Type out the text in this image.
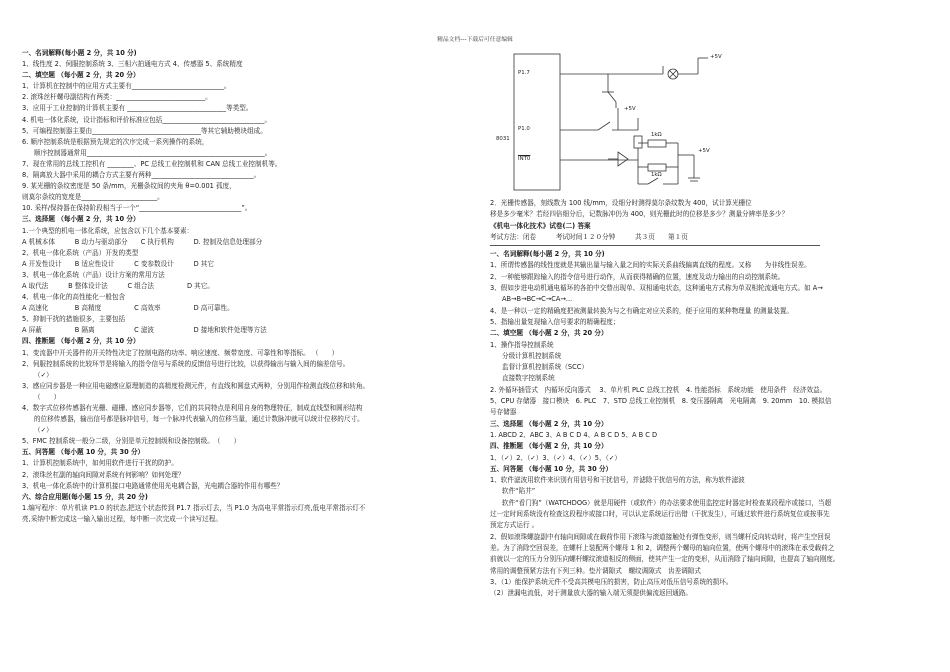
精品文档---下载后可任意编辑
一、名词解释(每小题 2 分，共 10 分)
1、线性度 2、伺服控制系统 3、三相六拍通电方式 4、传感器 5、系统精度
二、填空题 （每小题 2 分，共 20 分）
1、计算机在控制中的应用方式主要有____________________________。
2. 滚珠丝杆螺母副结构有两类：___________________________。
3、应用于工业控制的计算机主要有 ______________________________等类型。
4. 机电一体化系统，设计指标和评价标准应包括_______________________________。
5、可编程控制器主要由_________________________________等其它辅助模块组成。
6. 顺序控制系统是根据预先规定的次序完成一系列操作的系统，
顺序控制器通常用______________________________________________________。
7、现在常用的总线工控机有 ________、PC 总线工业控制机和 CAN 总线工业控制机等。
8、隔离放大器中采用的耦合方式主要有两种_______________________________。
9. 某光栅的条纹密度是 50 条/mm，光栅条纹间的夹角 θ=0.001 孤度，
则莫尔条纹的宽度是_______________________。
10. 采样/保持器在保持阶段相当于一个“_______________________________”。
三、选择题 （每小题 2 分，共 10 分）
1.一个典型的机电一体化系统，应包含以下几个基本要素：
A 机械本体　　　B 动力与驱动部分　　C 执行机构　　　D. 控制及信息处理部分
2、机电一体化系统（产品）开发的类型
A 开发性设计　　B 适应性设计　　　C 变参数设计　　　D 其它
3、机电一体化系统（产品）设计方案的常用方法
A 取代法　　　B 整体设计法　　　C 组合法　　　　　D 其它。
4、机电一体化的高性能化一般包含
A 高速化　　　　B 高精度　　　　　C 高效率　　　　　D 高可靠性。
5、抑制干扰的措施很多，主要包括
A 屏蔽　　　　　B 隔离　　　　　　C 滤波　　　　　　D 接地和软件处理等方法
四、推断题 （每小题 2 分，共 10 分）
1、变流器中开关器件的开关特性决定了控制电路的功率、响应速度、频带宽度、可靠性和等指标。 （　　）
2、伺服控制系统的比较环节是将输入的指令信号与系统的反馈信号进行比较，以获得输出与输入间的偏差信号。
（✓）
3、感应同步器是一种应用电磁感应原理制造的高精度检测元件，有直线和圆盘式两种，分别用作检测直线位移和转角。
（　　）
4、数字式位移传感器有光栅、磁栅、感应同步器等，它们的共同特点是利用自身的物理特征，制成直线型和圆形结构
的位移传感器，输出信号都是脉冲信号，每一个脉冲代表输入的位移当量，通过计数脉冲就可以统计位移的尺寸。
（✓）
5、FMC 控制系统一般分二级，分别是单元控制级和设备控制级。　（　　）
五、问答题 （每小题 10 分，共 30 分）
1、计算机控制系统中，如何用软件进行干扰的防护。
2、滚珠丝杠副的轴向间隙对系统有何影响？如何处理？
3、机电一体化系统中的计算机接口电路通常使用光电耦合器，光电耦合器的作用有哪些？
六、综合应用题(每小题 15 分，共 20 分)
1.编写程序：单片机读 P1.0 的状态,把这个状态传到 P1.7 指示灯去，当 P1.0 为高电平常指示灯亮,低电平常指示灯不
亮,采纳中断完成这一输入输出过程，每中断一次完成一个读写过程。
+5V
P1.7
P1.0
8031
INT0
+5V
+5V
1kΩ
1kΩ
2．光栅传感器，刻线数为 100 线/mm，设细分时测得莫尔条纹数为 400，试计算光栅位
移是多少毫米？若经四倍细分后，记数脉冲仍为 400，则光栅此时的位移是多少？测量分辨率是多少？
《机电一体化技术》试卷(二) 答案
考试方法：闭卷　　　考试时间１２０分钟　　　共３页　　第１页
一、名词解释(每小题 2 分，共 10 分)
1、所谓传感器的线性度就是其输出量与输入量之间的实际关系曲线偏离直线的程度。又称　　为非线性误差。
2、一种能够跟踪输入的指令信号进行动作，从而获得精确的位置，速度及动力输出的自动控制系统。
3、假如步进电动机通电循环的各拍中交替出现单、双相通电状态，这种通电方式称为单双相轮流通电方式。如 A→
AB→B→BC→C→CA→...
4、是一种以一定的精确度把被测量转换为与之有确定对应关系的，便于应用的某种物理量 的测量装置。
5、指输出量复现输入信号要求的精确程度；
二、填空题 （每小题 2 分，共 20 分）
1、操作指导控制系统
分级计算机控制系统
监督计算机控制系统（SCC）
直接数字控制系统
2. 外循环插管式　内循环反向器式　 3、单片机 PLC 总线工控机　4. 性能指标　系统功能　使用条件　经济效益。
5、CPU 存储器　接口模块　6. PLC　7、STD 总线工业控制机　8. 变压器隔离　光电隔离　9. 20mm　10. 模拟信
号存储器
三、选择题 （每小题 2 分，共 10 分）
1. ABCD 2、ABC 3、A B C D 4、A B C D 5、A B C D
四、推断题 （每小题 2 分，共 10 分）
1、（✓）2、（✓）3、（✓）4、（✓）5、（✓）
五、问答题 （每小题 10 分，共 30 分）
1、软件滤波用软件来识别有用信号和干扰信号，并滤除干扰信号的方法，称为软件滤波
软件“陷井”
软件“看门狗”（WATCHDOG）就是用硬件（或软件）的办法要求使用监控定时器定时检查某段程序或接口，当超
过一定时间系统没有检查这段程序或接口时，可以认定系统运行出错（干扰发生），可通过软件进行系统复位或按事先
预定方式运行 。
2、假如滚珠螺旋副中有轴向间隙或在载荷作用下滚珠与滚道接触处有弹性变形，则当螺杆反向转动时，将产生空回误
差。为了消除空回误差，在螺杆上装配两个螺母 1 和 2，调整两个螺母的轴向位置，使两个螺母中的滚珠在承受载荷之
前就以一定的压力分别压向螺杆螺纹滚道相反的侧面，使其产生一定的变形，从而消除了轴向间隙，也提高了轴向刚度。
常用的调整预紧方法有下列三种。垫片调隙式　螺纹调隙式　齿差调隙式
3、（1）能保护系统元件不受高共模电压的损害，防止高压对低压信号系统的损坏。
（2）泄漏电流低，对于测量放大器的输入端无须提供偏流返回通路。
